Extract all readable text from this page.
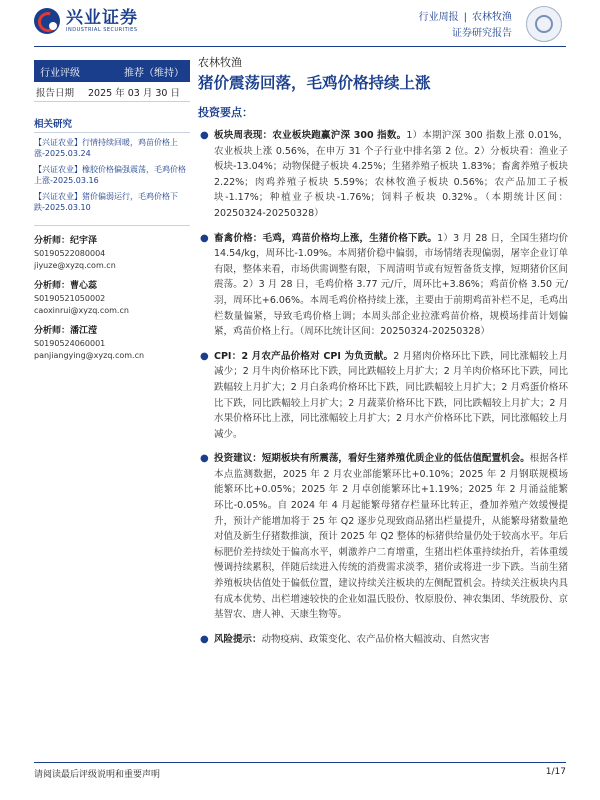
兴业证券
INDUSTRIAL SECURITIES
行业周报 | 农林牧渔
证券研究报告
行业评级	推荐（维持）
报告日期	2025 年 03 月 30 日
相关研究
【兴证农业】行情持续回暖，鸡苗价格上涨-2025.03.24
【兴证农业】橡胶价格偏强震荡，毛鸡价格上涨-2025.03.16
【兴证农业】猪价偏弱运行，毛鸡价格下跌-2025.03.10
分析师：纪宇泽
S0190522080004
jiyuze@xyzq.com.cn
分析师：曹心蕊
S0190521050002
caoxinrui@xyzq.com.cn
分析师：潘江滢
S0190524060001
panjiangying@xyzq.com.cn
农林牧渔
猪价震荡回落，毛鸡价格持续上涨
投资要点：
● 板块周表现：农业板块跑赢沪深 300 指数。1）本期沪深 300 指数上涨 0.01%，农业板块上涨 0.56%，在申万 31 个子行业中排名第 2 位。2）分板块看：渔业子板块-13.04%；动物保健子板块 4.25%；生猪养殖子板块 1.83%；畜禽养殖子板块 2.22%；肉鸡养殖子板块 5.59%；农林牧渔子板块 0.56%；农产品加工子板块-1.17%；种植业子板块-1.76%；饲料子板块 0.32%。（本期统计区间：20250324-20250328）
● 畜禽价格：毛鸡，鸡苗价格均上涨，生猪价格下跌。1）3 月 28 日，全国生猪均价 14.54/kg，周环比-1.09%。本周猪价稳中偏弱，市场情绪表现偏弱，屠宰企业订单有限，整体来看，市场供需调整有限，下周清明节或有短暂备货支撑，短期猪价区间震荡。2）3 月 28 日，毛鸡价格 3.77 元/斤，周环比+3.86%；鸡苗价格 3.50 元/羽，周环比+6.06%。本周毛鸡价格持续上涨，主要由于前期鸡苗补栏不足，毛鸡出栏数量偏紧，导致毛鸡价格上调；本周头部企业拉涨鸡苗价格，规模场排苗计划偏紧，鸡苗价格上行。（周环比统计区间：20250324-20250328）
● CPI：2 月农产品价格对 CPI 为负贡献。2 月猪肉价格环比下跌，同比涨幅较上月减少；2 月牛肉价格环比下跌，同比跌幅较上月扩大；2 月羊肉价格环比下跌，同比跌幅较上月扩大；2 月白条鸡价格环比下跌，同比跌幅较上月扩大；2 月鸡蛋价格环比下跌，同比跌幅较上月扩大；2 月蔬菜价格环比下跌，同比跌幅较上月扩大；2 月水果价格环比上涨，同比涨幅较上月扩大；2 月水产价格环比下跌，同比涨幅较上月减少。
● 投资建议：短期板块有所震荡，看好生猪养殖优质企业的低估值配置机会。根据各样本点监测数据，2025 年 2 月农业部能繁环比+0.10%；2025 年 2 月钢联规模场能繁环比+0.05%；2025 年 2 月卓创能繁环比+1.19%；2025 年 2 月涌益能繁环比-0.05%。自 2024 年 4 月起能繁母猪存栏量环比转正，叠加养殖产效缓慢提升，预计产能增加将于 25 年 Q2 逐步兑现致商品猪出栏量提升，从能繁母猪数量绝对值及新生仔猪数推演，预计 2025 年 Q2 整体的标猪供给量仍处于较高水平。年后标肥价差持续处于偏高水平，刺激养户二育增重，生猪出栏体重持续抬升，若体重缓慢调持续累积，伴随后续进入传统的消费需求淡季，猪价或将进一步下跌。当前生猪养殖板块估值处于偏低位置，建议持续关注板块的左侧配置机会。持续关注板块内具有成本优势、出栏增速较快的企业如温氏股份、牧原股份、神农集团、华统股份、京基智农、唐人神、天康生物等。
● 风险提示：动物疫病、政策变化、农产品价格大幅波动、自然灾害
请阅读最后评级说明和重要声明	1/17
